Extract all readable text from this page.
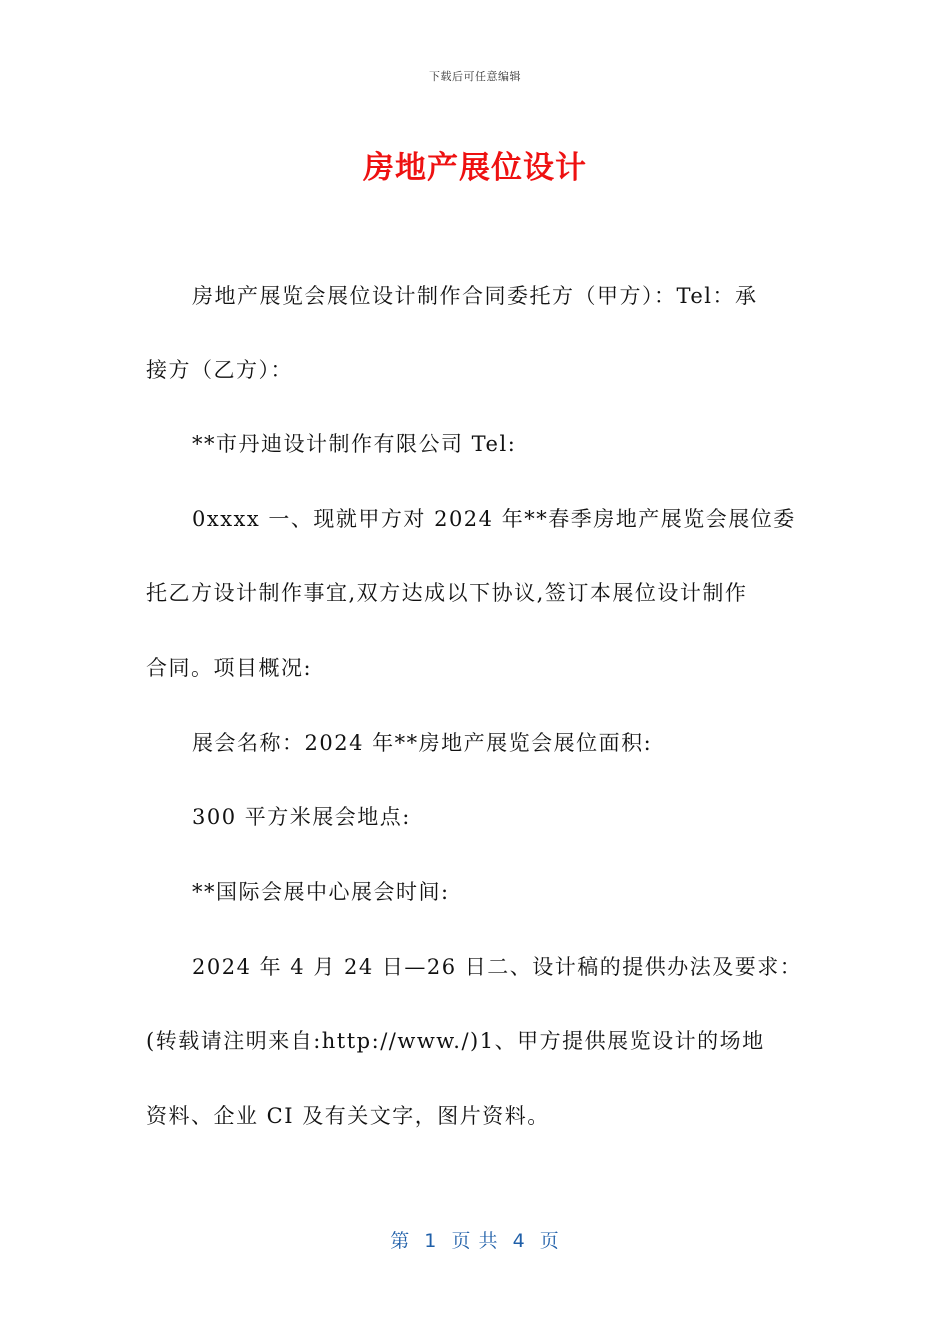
下载后可任意编辑
房地产展位设计
房地产展览会展位设计制作合同委托方（甲方）：Tel：承
接方（乙方）：
**市丹迪设计制作有限公司 Tel:
0xxxx 一、现就甲方对 2024 年**春季房地产展览会展位委
托乙方设计制作事宜,双方达成以下协议,签订本展位设计制作
合同。项目概况:
展会名称：2024 年**房地产展览会展位面积:
300 平方米展会地点:
**国际会展中心展会时间:
2024 年 4 月 24 日—26 日二、设计稿的提供办法及要求：
(转载请注明来自:http://www./)1、甲方提供展览设计的场地
资料、企业 CI 及有关文字，图片资料。
第  1  页 共  4  页
